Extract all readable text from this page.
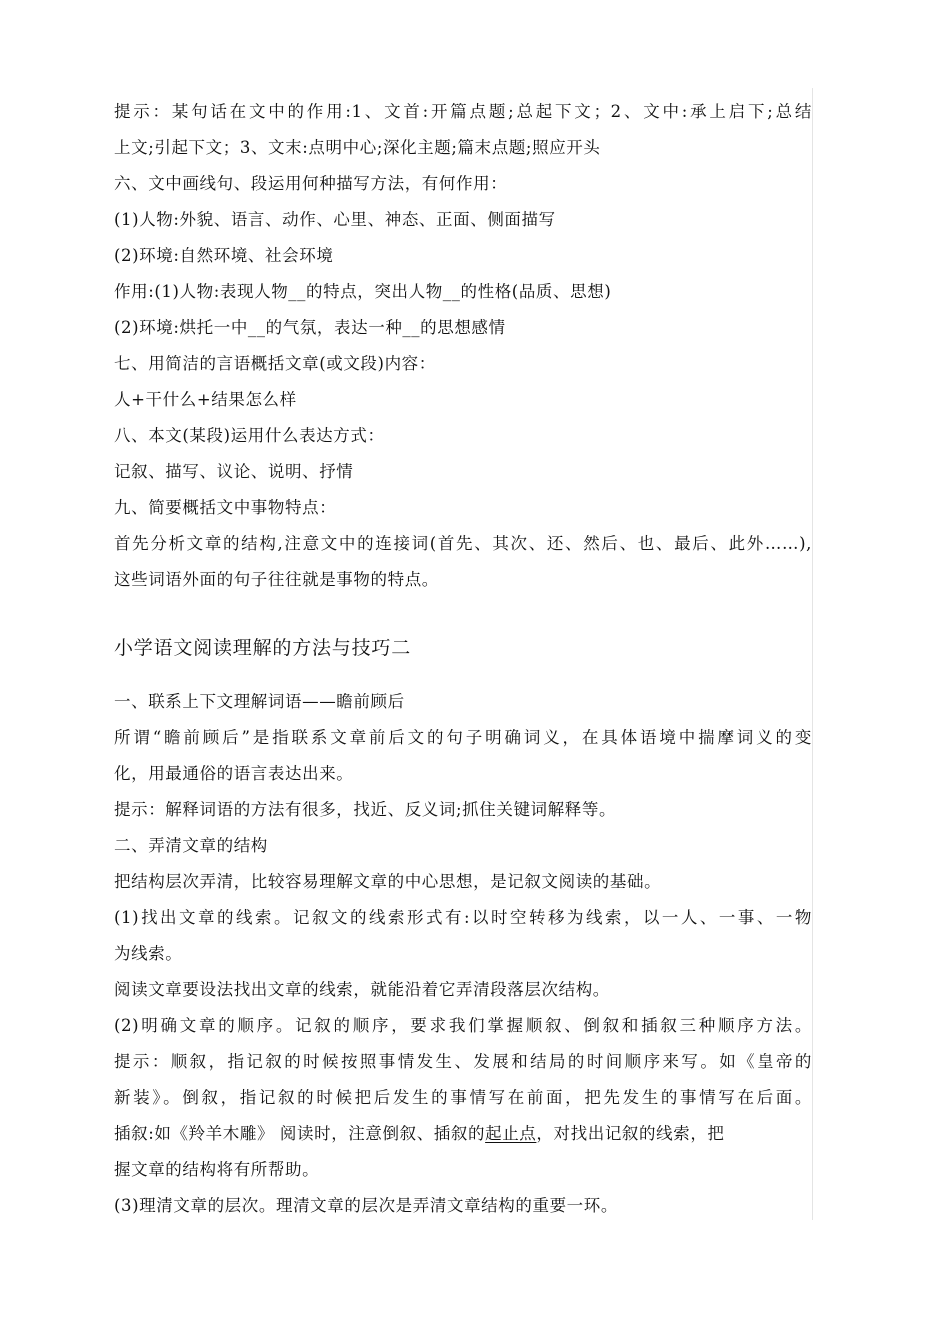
提示：某句话在文中的作用:1、文首:开篇点题;总起下文；2、文中:承上启下;总结
上文;引起下文；3、文末:点明中心;深化主题;篇末点题;照应开头
六、文中画线句、段运用何种描写方法，有何作用：
(1)人物:外貌、语言、动作、心里、神态、正面、侧面描写
(2)环境:自然环境、社会环境
作用:(1)人物:表现人物__的特点，突出人物__的性格(品质、思想)
(2)环境:烘托一中__的气氛，表达一种__的思想感情
七、用简洁的言语概括文章(或文段)内容：
人+干什么+结果怎么样
八、本文(某段)运用什么表达方式：
记叙、描写、议论、说明、抒情
九、简要概括文中事物特点：
首先分析文章的结构,注意文中的连接词(首先、其次、还、然后、也、最后、此外……),
这些词语外面的句子往往就是事物的特点。
小学语文阅读理解的方法与技巧二
一、联系上下文理解词语——瞻前顾后
所谓“瞻前顾后”是指联系文章前后文的句子明确词义，在具体语境中揣摩词义的变
化，用最通俗的语言表达出来。
提示：解释词语的方法有很多，找近、反义词;抓住关键词解释等。
二、弄清文章的结构
把结构层次弄清，比较容易理解文章的中心思想，是记叙文阅读的基础。
(1)找出文章的线索。记叙文的线索形式有:以时空转移为线索，以一人、一事、一物
为线索。
阅读文章要设法找出文章的线索，就能沿着它弄清段落层次结构。
(2)明确文章的顺序。记叙的顺序，要求我们掌握顺叙、倒叙和插叙三种顺序方法。
提示：顺叙，指记叙的时候按照事情发生、发展和结局的时间顺序来写。如《皇帝的
新装》。倒叙，指记叙的时候把后发生的事情写在前面，把先发生的事情写在后面。
插叙:如《羚羊木雕》 阅读时，注意倒叙、插叙的起止点，对找出记叙的线索，把
握文章的结构将有所帮助。
(3)理清文章的层次。理清文章的层次是弄清文章结构的重要一环。
